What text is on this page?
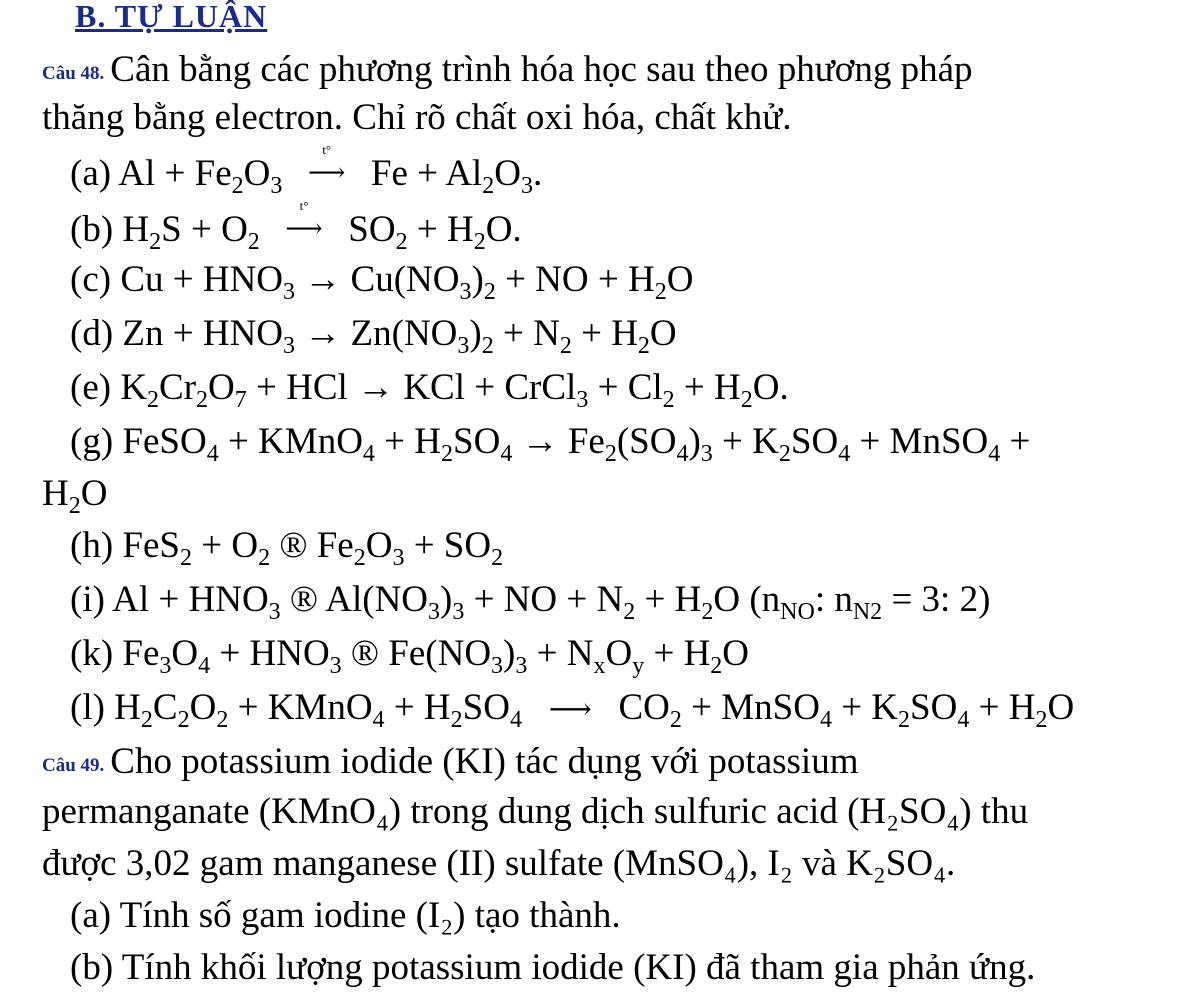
B. TỰ LUẬN
Câu 48. Cân bằng các phương trình hóa học sau theo phương pháp
thăng bằng electron. Chỉ rõ chất oxi hóa, chất khử.
(a) $Al + Fe_2O_3$
t°
⟶ $Fe + Al_2O_3$.
(b) $H_2S + O_2$
t°
⟶ $SO_2 + H_2O$.
(c) $Cu + HNO_3 \to Cu(NO_3)_2$ + NO + $H_2O$
(d) $Zn + HNO_3 \to Zn(NO_3)_2 + N_2 + H_2O$
(e) $K_2Cr_2O_7$ + HCl → KCl + CrCl$_3$ + $Cl_2 + H_2O$.
(g) FeSO$_4$ + KMnO$_4$ + $H_2SO_4 \to Fe_2(SO_4)_3 + K_2SO_4$ + MnSO$_4$ +
$H_2O$
(h) $FeS_2 + O_2$ ® $Fe_2O_3 + SO_2$
(i) $Al + HNO_3$ ® $Al(NO_3)_3$ + NO + $N_2 + H_2O$ ($n_{NO}$: $n_{N2} = 3$: 2)
(k) $Fe_3O_4 + HNO_3$ ® $Fe(NO_3)_3 + N_xO_y + H_2O$
(l) $H_2C_2O_2$ + KMnO$_4$ + $H_2SO_4$ ⟶ $CO_2$ + MnSO$_4$ + $K_2SO_4 + H_2O$
Câu 49. Cho potassium iodide (KI) tác dụng với potassium
permanganate (KMnO₄) trong dung dịch sulfuric acid (H₂SO₄) thu
được 3,02 gam manganese (II) sulfate (MnSO₄), I₂ và K₂SO₄.
(a) Tính số gam iodine (I₂) tạo thành.
(b) Tính khối lượng potassium iodide (KI) đã tham gia phản ứng.
